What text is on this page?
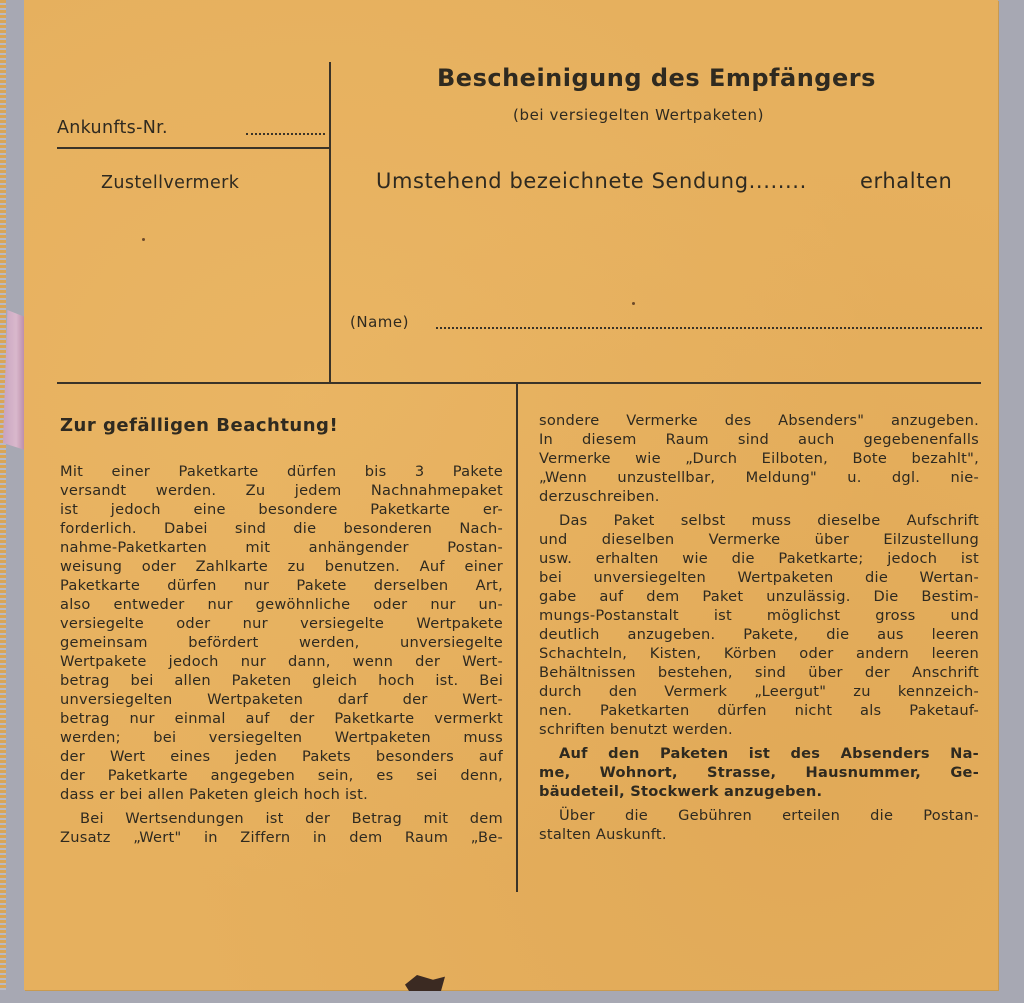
Bescheinigung des Empfängers
(bei versiegelten Wertpaketen)
Ankunfts-Nr.
Zustellvermerk	Umstehend bezeichnete Sendung........	erhalten
(Name)
Zur gefälligen Beachtung!
Mit einer Paketkarte dürfen bis 3 Pakete
versandt werden. Zu jedem Nachnahmepaket
ist jedoch eine besondere Paketkarte er-
forderlich. Dabei sind die besonderen Nach-
nahme-Paketkarten mit anhängender Postan-
weisung oder Zahlkarte zu benutzen. Auf einer
Paketkarte dürfen nur Pakete derselben Art,
also entweder nur gewöhnliche oder nur un-
versiegelte oder nur versiegelte Wertpakete
gemeinsam befördert werden, unversiegelte
Wertpakete jedoch nur dann, wenn der Wert-
betrag bei allen Paketen gleich hoch ist. Bei
unversiegelten Wertpaketen darf der Wert-
betrag nur einmal auf der Paketkarte vermerkt
werden; bei versiegelten Wertpaketen muss
der Wert eines jeden Pakets besonders auf
der Paketkarte angegeben sein, es sei denn,
dass er bei allen Paketen gleich hoch ist.
Bei Wertsendungen ist der Betrag mit dem
Zusatz „Wert" in Ziffern in dem Raum „Be-
sondere Vermerke des Absenders" anzugeben.
In diesem Raum sind auch gegebenenfalls
Vermerke wie „Durch Eilboten, Bote bezahlt",
„Wenn unzustellbar, Meldung" u. dgl. nie-
derzuschreiben.
Das Paket selbst muss dieselbe Aufschrift
und dieselben Vermerke über Eilzustellung
usw. erhalten wie die Paketkarte; jedoch ist
bei unversiegelten Wertpaketen die Wertan-
gabe auf dem Paket unzulässig. Die Bestim-
mungs-Postanstalt ist möglichst gross und
deutlich anzugeben. Pakete, die aus leeren
Schachteln, Kisten, Körben oder andern leeren
Behältnissen bestehen, sind über der Anschrift
durch den Vermerk „Leergut" zu kennzeich-
nen. Paketkarten dürfen nicht als Paketauf-
schriften benutzt werden.
Auf den Paketen ist des Absenders Na-
me, Wohnort, Strasse, Hausnummer, Ge-
bäudeteil, Stockwerk anzugeben.
Über die Gebühren erteilen die Postan-
stalten Auskunft.
